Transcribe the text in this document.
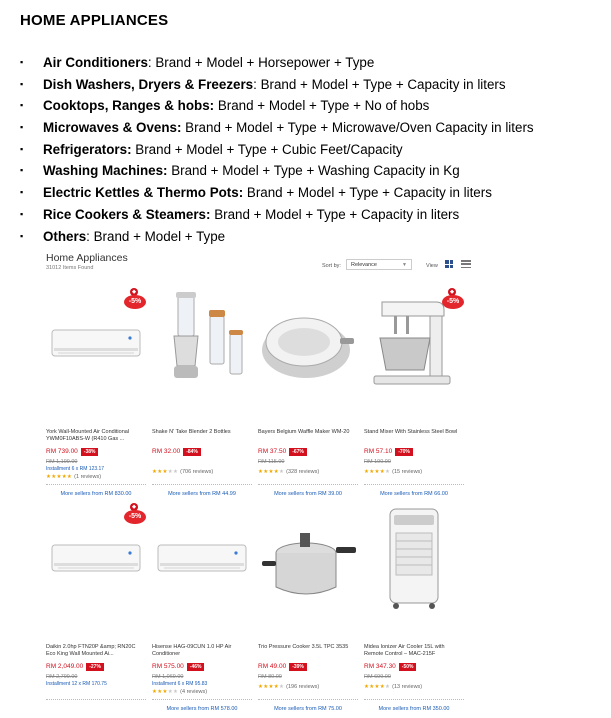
HOME APPLIANCES
▪ Air Conditioners: Brand + Model + Horsepower + Type
▪ Dish Washers, Dryers & Freezers: Brand + Model + Type + Capacity in liters
▪ Cooktops, Ranges & hobs: Brand + Model + Type + No of hobs
▪ Microwaves & Ovens: Brand + Model + Type + Microwave/Oven Capacity in liters
▪ Refrigerators: Brand + Model + Type + Cubic Feet/Capacity
▪ Washing Machines: Brand + Model + Type + Washing Capacity in Kg
▪ Electric Kettles & Thermo Pots: Brand + Model + Type + Capacity in liters
▪ Rice Cookers & Steamers: Brand + Model + Type + Capacity in liters
▪ Others: Brand + Model + Type
Home Appliances
31012 Items Found	Sort by:	Relevance	▼	View
◆
-5%
York Wall-Mounted Air Conditional YWM0F10ABS-W (R410 Gas ...
RM 739.00 -38%
RM 1,199.00
Installment 6 x RM 123.17
★★★★★ (1 reviews)
More sellers from RM 830.00
Shake N' Take Blender 2 Bottles
RM 32.00 -84%
★★★★★ (706 reviews)
More sellers from RM 44.99
Bayers Belgium Waffle Maker WM-20
RM 37.50 -67%
RM 115.00
★★★★★ (328 reviews)
More sellers from RM 39.00
◆
-5%
Stand Mixer With Stainless Steel Bowl
RM 57.10 -70%
RM 190.00
★★★★★ (15 reviews)
More sellers from RM 66.00
◆
-5%
Daikin 2.0hp FTN20P &amp; RN20C Eco King Wall Mounted Ai...
RM 2,049.00 -27%
RM 2,799.00
Installment 12 x RM 170.75
Hisense HAG-09CUN 1.0 HP Air Conditioner
RM 575.00 -46%
RM 1,069.00
Installment 6 x RM 95.83
★★★★★ (4 reviews)
More sellers from RM 578.00
Trio Pressure Cooker 3.5L TPC 3535
RM 49.00 -39%
RM 80.00
★★★★★ (196 reviews)
More sellers from RM 75.00
Midea Ionizer Air Cooler 15L with Remote Control – MAC-215F
RM 347.30 -50%
RM 699.00
★★★★★ (13 reviews)
More sellers from RM 350.00
